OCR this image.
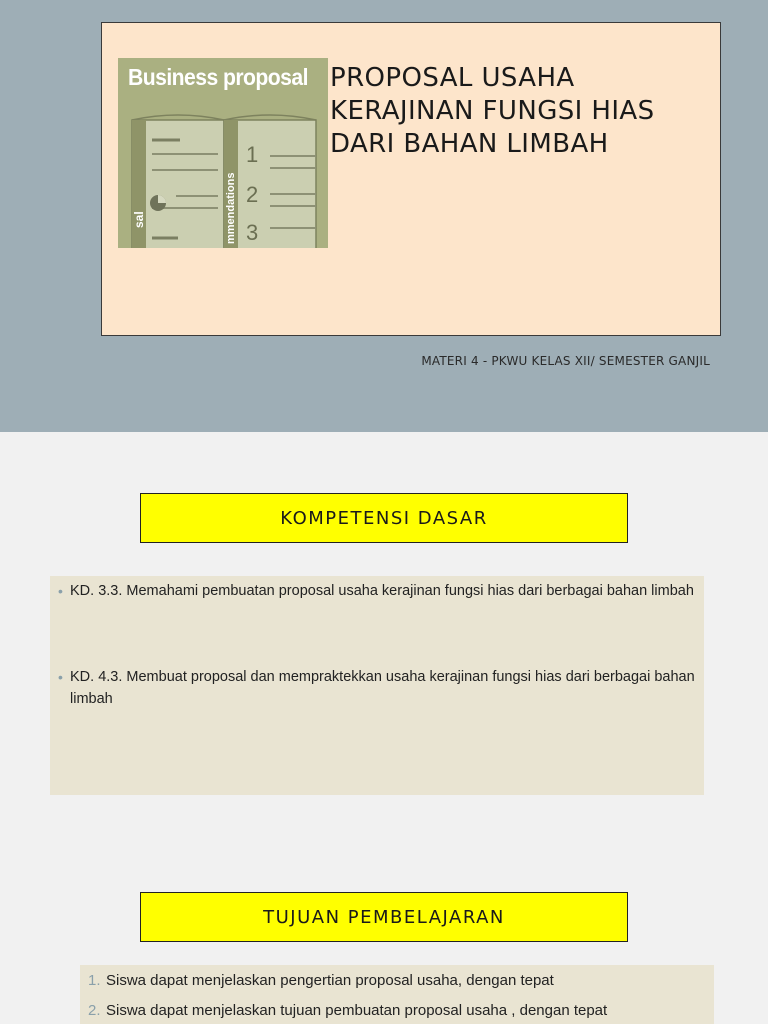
Business proposal
sal	mmendations
1
2
3
PROPOSAL USAHA
KERAJINAN FUNGSI HIAS
DARI BAHAN LIMBAH
MATERI 4 - PKWU KELAS XII/ SEMESTER GANJIL
KOMPETENSI DASAR
• KD. 3.3. Memahami pembuatan proposal usaha kerajinan fungsi hias dari berbagai bahan limbah
• KD. 4.3. Membuat proposal dan mempraktekkan usaha kerajinan fungsi hias dari berbagai bahan limbah
TUJUAN PEMBELAJARAN
1. Siswa dapat menjelaskan pengertian proposal usaha, dengan tepat
2. Siswa dapat menjelaskan tujuan pembuatan proposal usaha , dengan tepat
